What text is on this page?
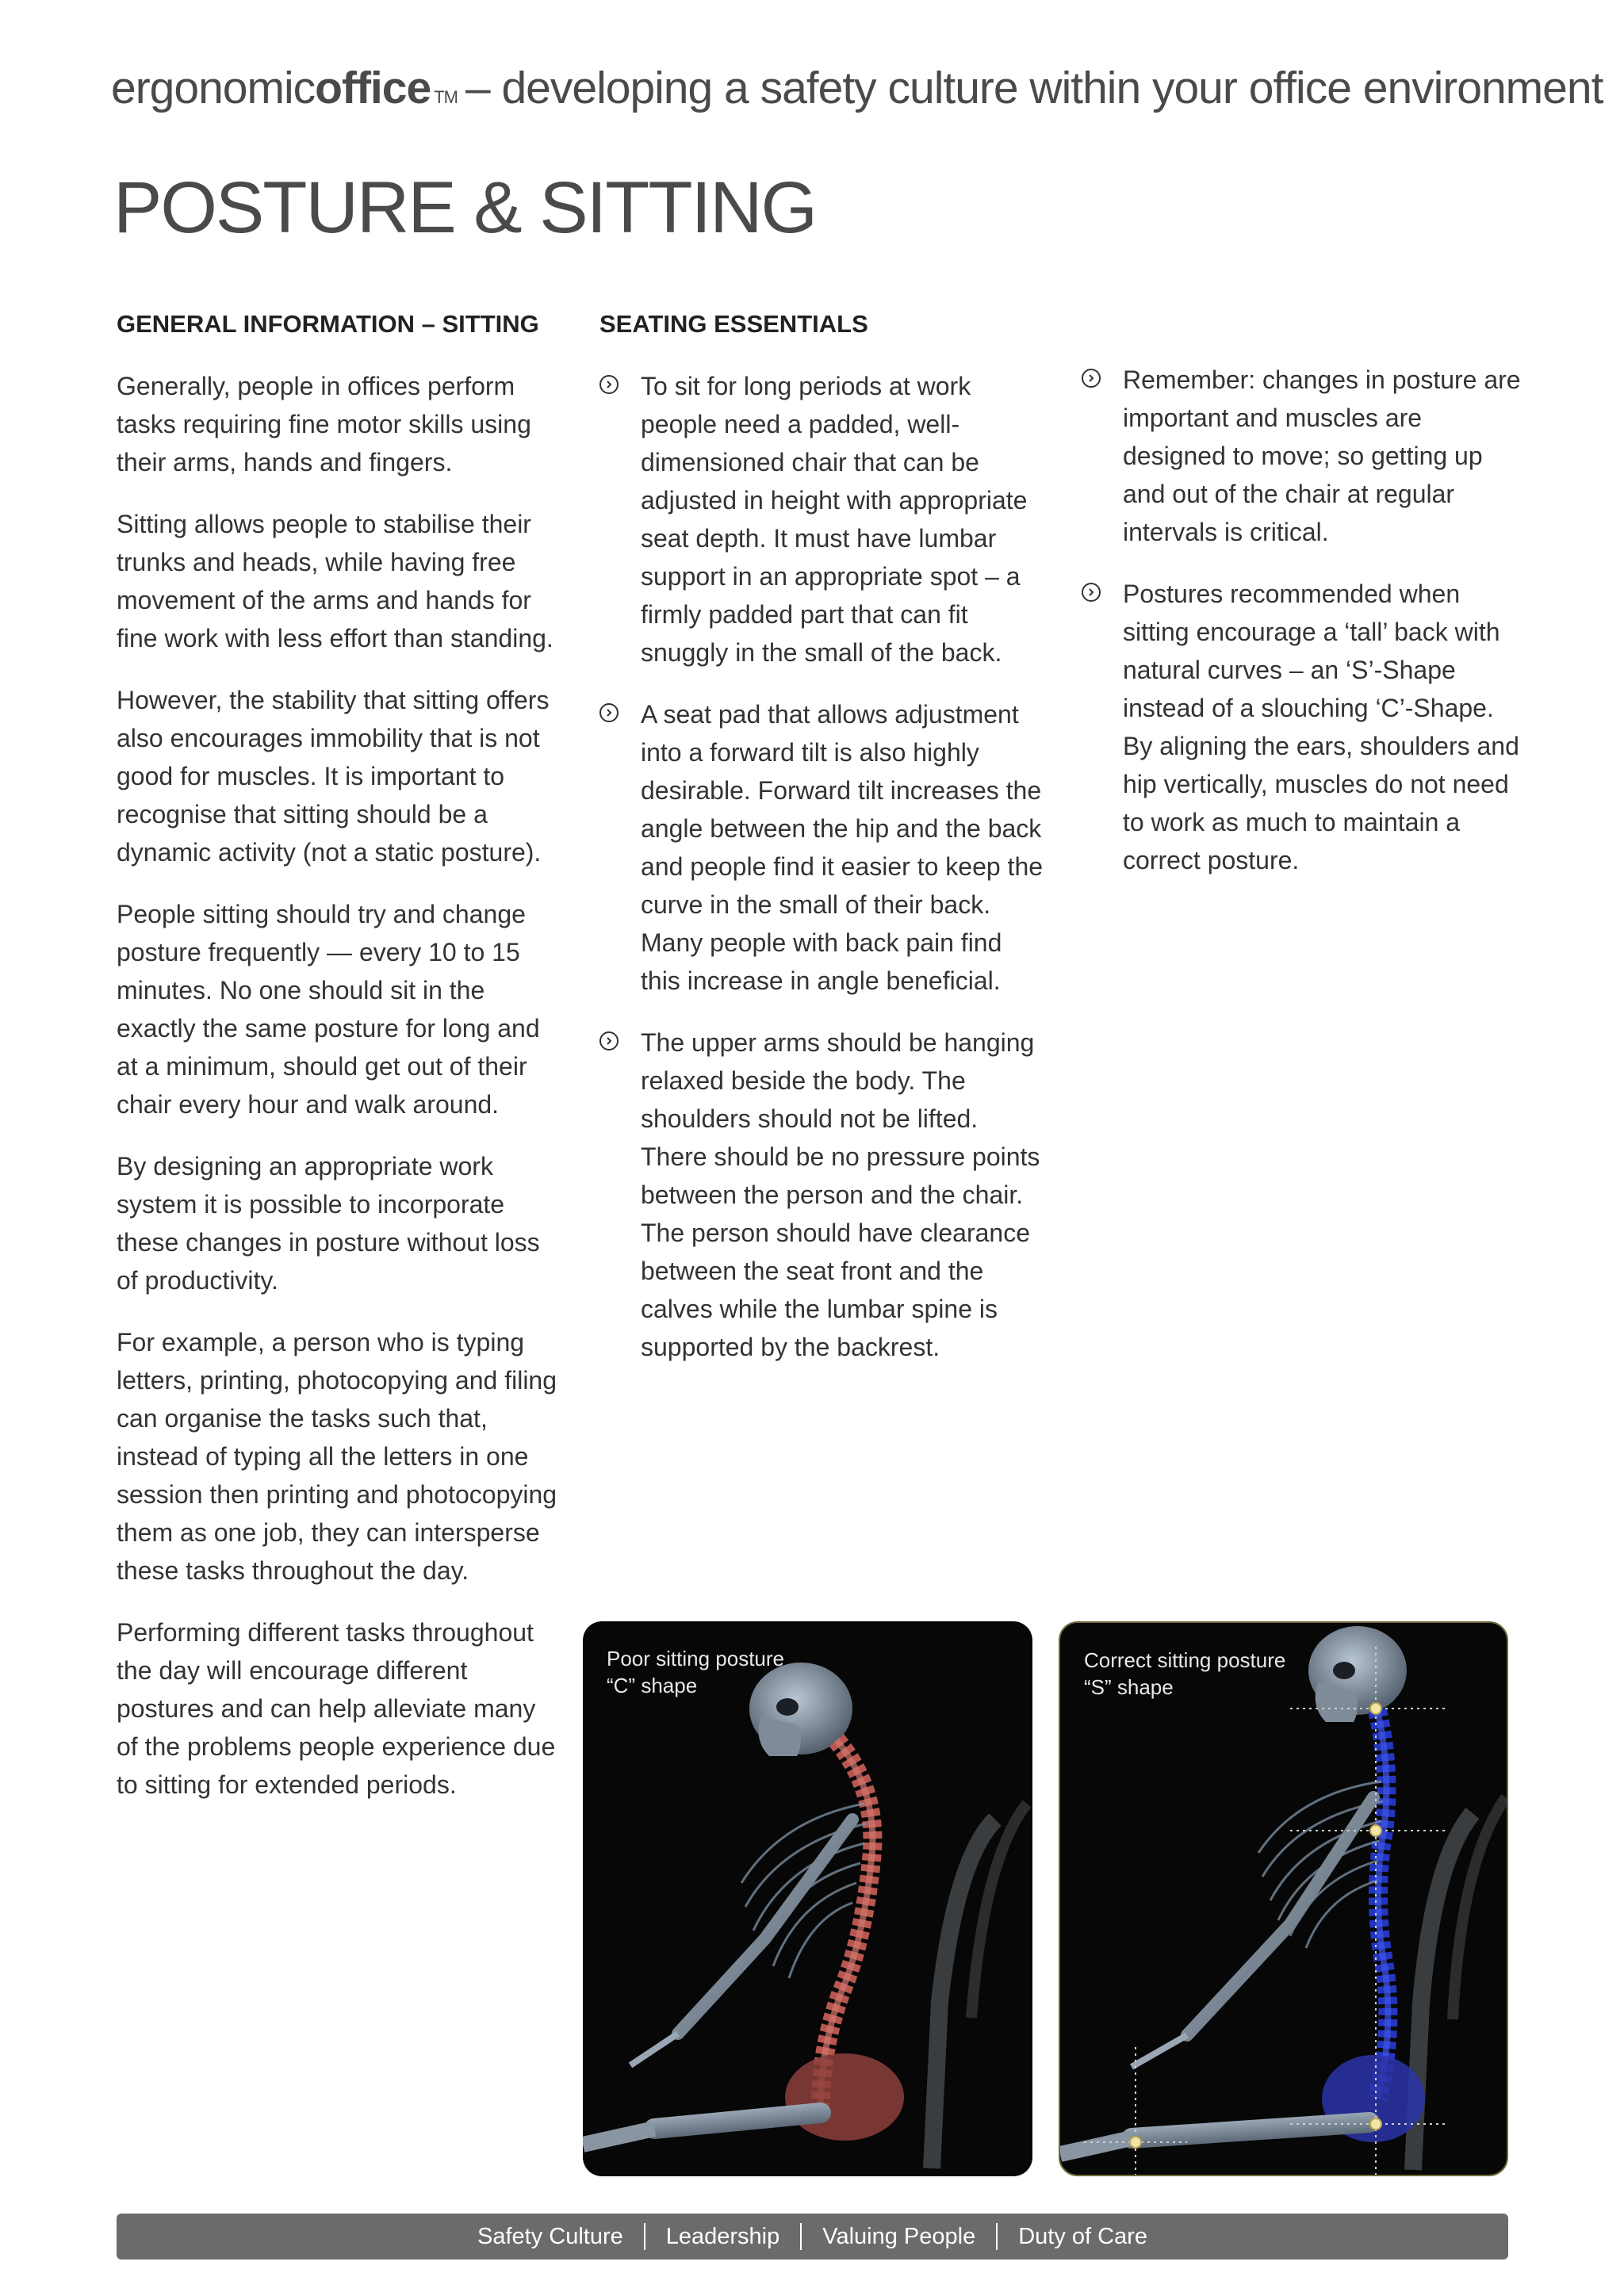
ergonomicoffice TM – developing a safety culture within your office environment
POSTURE & SITTING
GENERAL INFORMATION – SITTING

Generally, people in offices perform tasks requiring fine motor skills using their arms, hands and fingers.

Sitting allows people to stabilise their trunks and heads, while having free movement of the arms and hands for fine work with less effort than standing.

However, the stability that sitting offers also encourages immobility that is not good for muscles. It is important to recognise that sitting should be a dynamic activity (not a static posture).

People sitting should try and change posture frequently — every 10 to 15 minutes. No one should sit in the exactly the same posture for long and at a minimum, should get out of their chair every hour and walk around.

By designing an appropriate work system it is possible to incorporate these changes in posture without loss of productivity.

For example, a person who is typing letters, printing, photocopying and filing can organise the tasks such that, instead of typing all the letters in one session then printing and photocopying them as one job, they can intersperse these tasks throughout the day.

Performing different tasks throughout the day will encourage different postures and can help alleviate many of the problems people experience due to sitting for extended periods.

SEATING ESSENTIALS
To sit for long periods at work people need a padded, well-dimensioned chair that can be adjusted in height with appropriate seat depth. It must have lumbar support in an appropriate spot – a firmly padded part that can fit snuggly in the small of the back.
A seat pad that allows adjustment into a forward tilt is also highly desirable. Forward tilt increases the angle between the hip and the back and people find it easier to keep the curve in the small of their back. Many people with back pain find this increase in angle beneficial.
The upper arms should be hanging relaxed beside the body. The shoulders should not be lifted. There should be no pressure points between the person and the chair. The person should have clearance between the seat front and the calves while the lumbar spine is supported by the backrest.
Remember: changes in posture are important and muscles are designed to move; so getting up and out of the chair at regular intervals is critical.
Postures recommended when sitting encourage a ‘tall’ back with natural curves – an ‘S’-Shape instead of a slouching ‘C’-Shape. By aligning the ears, shoulders and hip vertically, muscles do not need to work as much to maintain a correct posture.
Poor sitting posture
“C” shape
Correct sitting posture
“S” shape
Safety Culture	Leadership	Valuing People	Duty of Care
